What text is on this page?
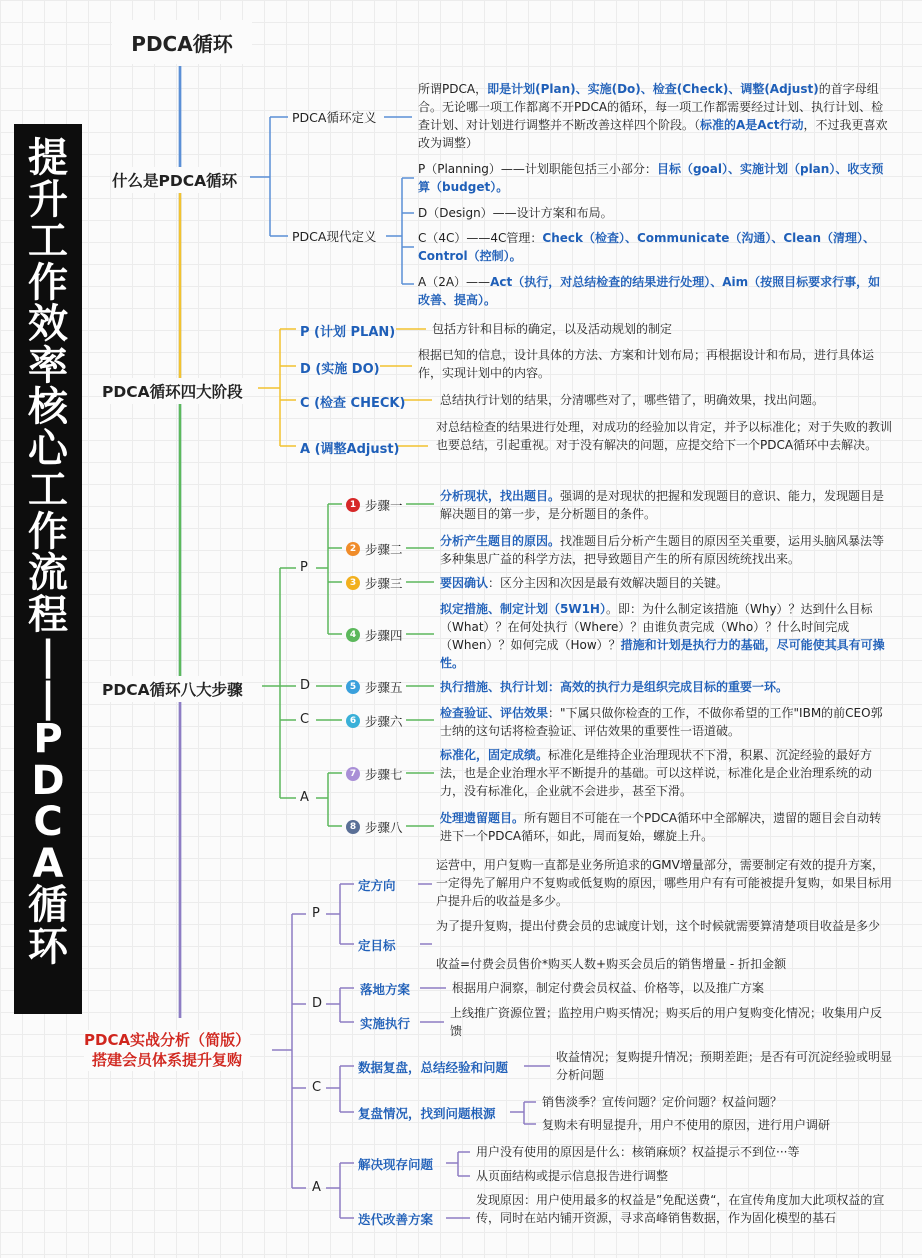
PDCA循环
提
升
工
作
效
率
核
心
工
作
流
程
|
|
P
D
C
A
循
环
什么是PDCA循环
PDCA循环定义
所谓PDCA，即是计划(Plan)、实施(Do)、检查(Check)、调整(Adjust)的首字母组合。无论哪一项工作都离不开PDCA的循环，每一项工作都需要经过计划、执行计划、检查计划、对计划进行调整并不断改善这样四个阶段。（标准的A是Act行动，不过我更喜欢改为调整）
PDCA现代定义
P（Planning）——计划职能包括三小部分：目标（goal）、实施计划（plan）、收支预算（budget）。
D（Design）——设计方案和布局。
C（4C）——4C管理：Check（检查）、Communicate（沟通）、Clean（清理）、Control（控制）。
A（2A）——Act（执行，对总结检查的结果进行处理）、Aim（按照目标要求行事，如改善、提高）。
PDCA循环四大阶段
P (计划 PLAN)	包括方针和目标的确定，以及活动规划的制定
D (实施 DO)
根据已知的信息，设计具体的方法、方案和计划布局；再根据设计和布局，进行具体运作，实现计划中的内容。
C (检查 CHECK)	总结执行计划的结果，分清哪些对了，哪些错了，明确效果，找出问题。
A (调整Adjust)
对总结检查的结果进行处理，对成功的经验加以肯定，并予以标准化；对于失败的教训也要总结，引起重视。对于没有解决的问题，应提交给下一个PDCA循环中去解决。
PDCA循环八大步骤
P
D
C
A
1 步骤一
分析现状，找出题目。强调的是对现状的把握和发现题目的意识、能力，发现题目是解决题目的第一步，是分析题目的条件。
2 步骤二
分析产生题目的原因。找准题目后分析产生题目的原因至关重要，运用头脑风暴法等多种集思广益的科学方法，把导致题目产生的所有原因统统找出来。
3 步骤三	要因确认：区分主因和次因是最有效解决题目的关键。
4 步骤四
拟定措施、制定计划（5W1H）。即：为什么制定该措施（Why）？达到什么目标（What）？在何处执行（Where）？由谁负责完成（Who）？什么时间完成（When）？如何完成（How）？措施和计划是执行力的基础，尽可能使其具有可操性。
5 步骤五	执行措施、执行计划：高效的执行力是组织完成目标的重要一环。
6 步骤六
检查验证、评估效果："下属只做你检查的工作，不做你希望的工作"IBM的前CEO郭士纳的这句话将检查验证、评估效果的重要性一语道破。
7 步骤七
标准化，固定成绩。标准化是维持企业治理现状不下滑，积累、沉淀经验的最好方法，也是企业治理水平不断提升的基础。可以这样说，标准化是企业治理系统的动力，没有标准化，企业就不会进步，甚至下滑。
8 步骤八
处理遗留题目。所有题目不可能在一个PDCA循环中全部解决，遗留的题目会自动转进下一个PDCA循环，如此，周而复始，螺旋上升。
PDCA实战分析（简版）
搭建会员体系提升复购
P
D
C
A
定方向
运营中，用户复购一直都是业务所追求的GMV增量部分，需要制定有效的提升方案，一定得先了解用户不复购或低复购的原因，哪些用户有有可能被提升复购，如果目标用户提升后的收益是多少。
定目标
为了提升复购，提出付费会员的忠诚度计划，这个时候就需要算清楚项目收益是多少
收益=付费会员售价*购买人数+购买会员后的销售增量 - 折扣金额
落地方案	根据用户洞察，制定付费会员权益、价格等，以及推广方案
实施执行
上线推广资源位置；监控用户购买情况；购买后的用户复购变化情况；收集用户反馈
数据复盘，总结经验和问题
收益情况；复购提升情况；预期差距；是否有可沉淀经验或明显分析问题
复盘情况，找到问题根源
销售淡季？宣传问题？定价问题？权益问题？
复购未有明显提升，用户不使用的原因，进行用户调研
解决现存问题
用户没有使用的原因是什么：核销麻烦？权益提示不到位···等
从页面结构或提示信息报告进行调整
迭代改善方案
发现原因：用户使用最多的权益是”免配送费“，在宣传角度加大此项权益的宣传，同时在站内铺开资源，寻求高峰销售数据，作为固化模型的基石
